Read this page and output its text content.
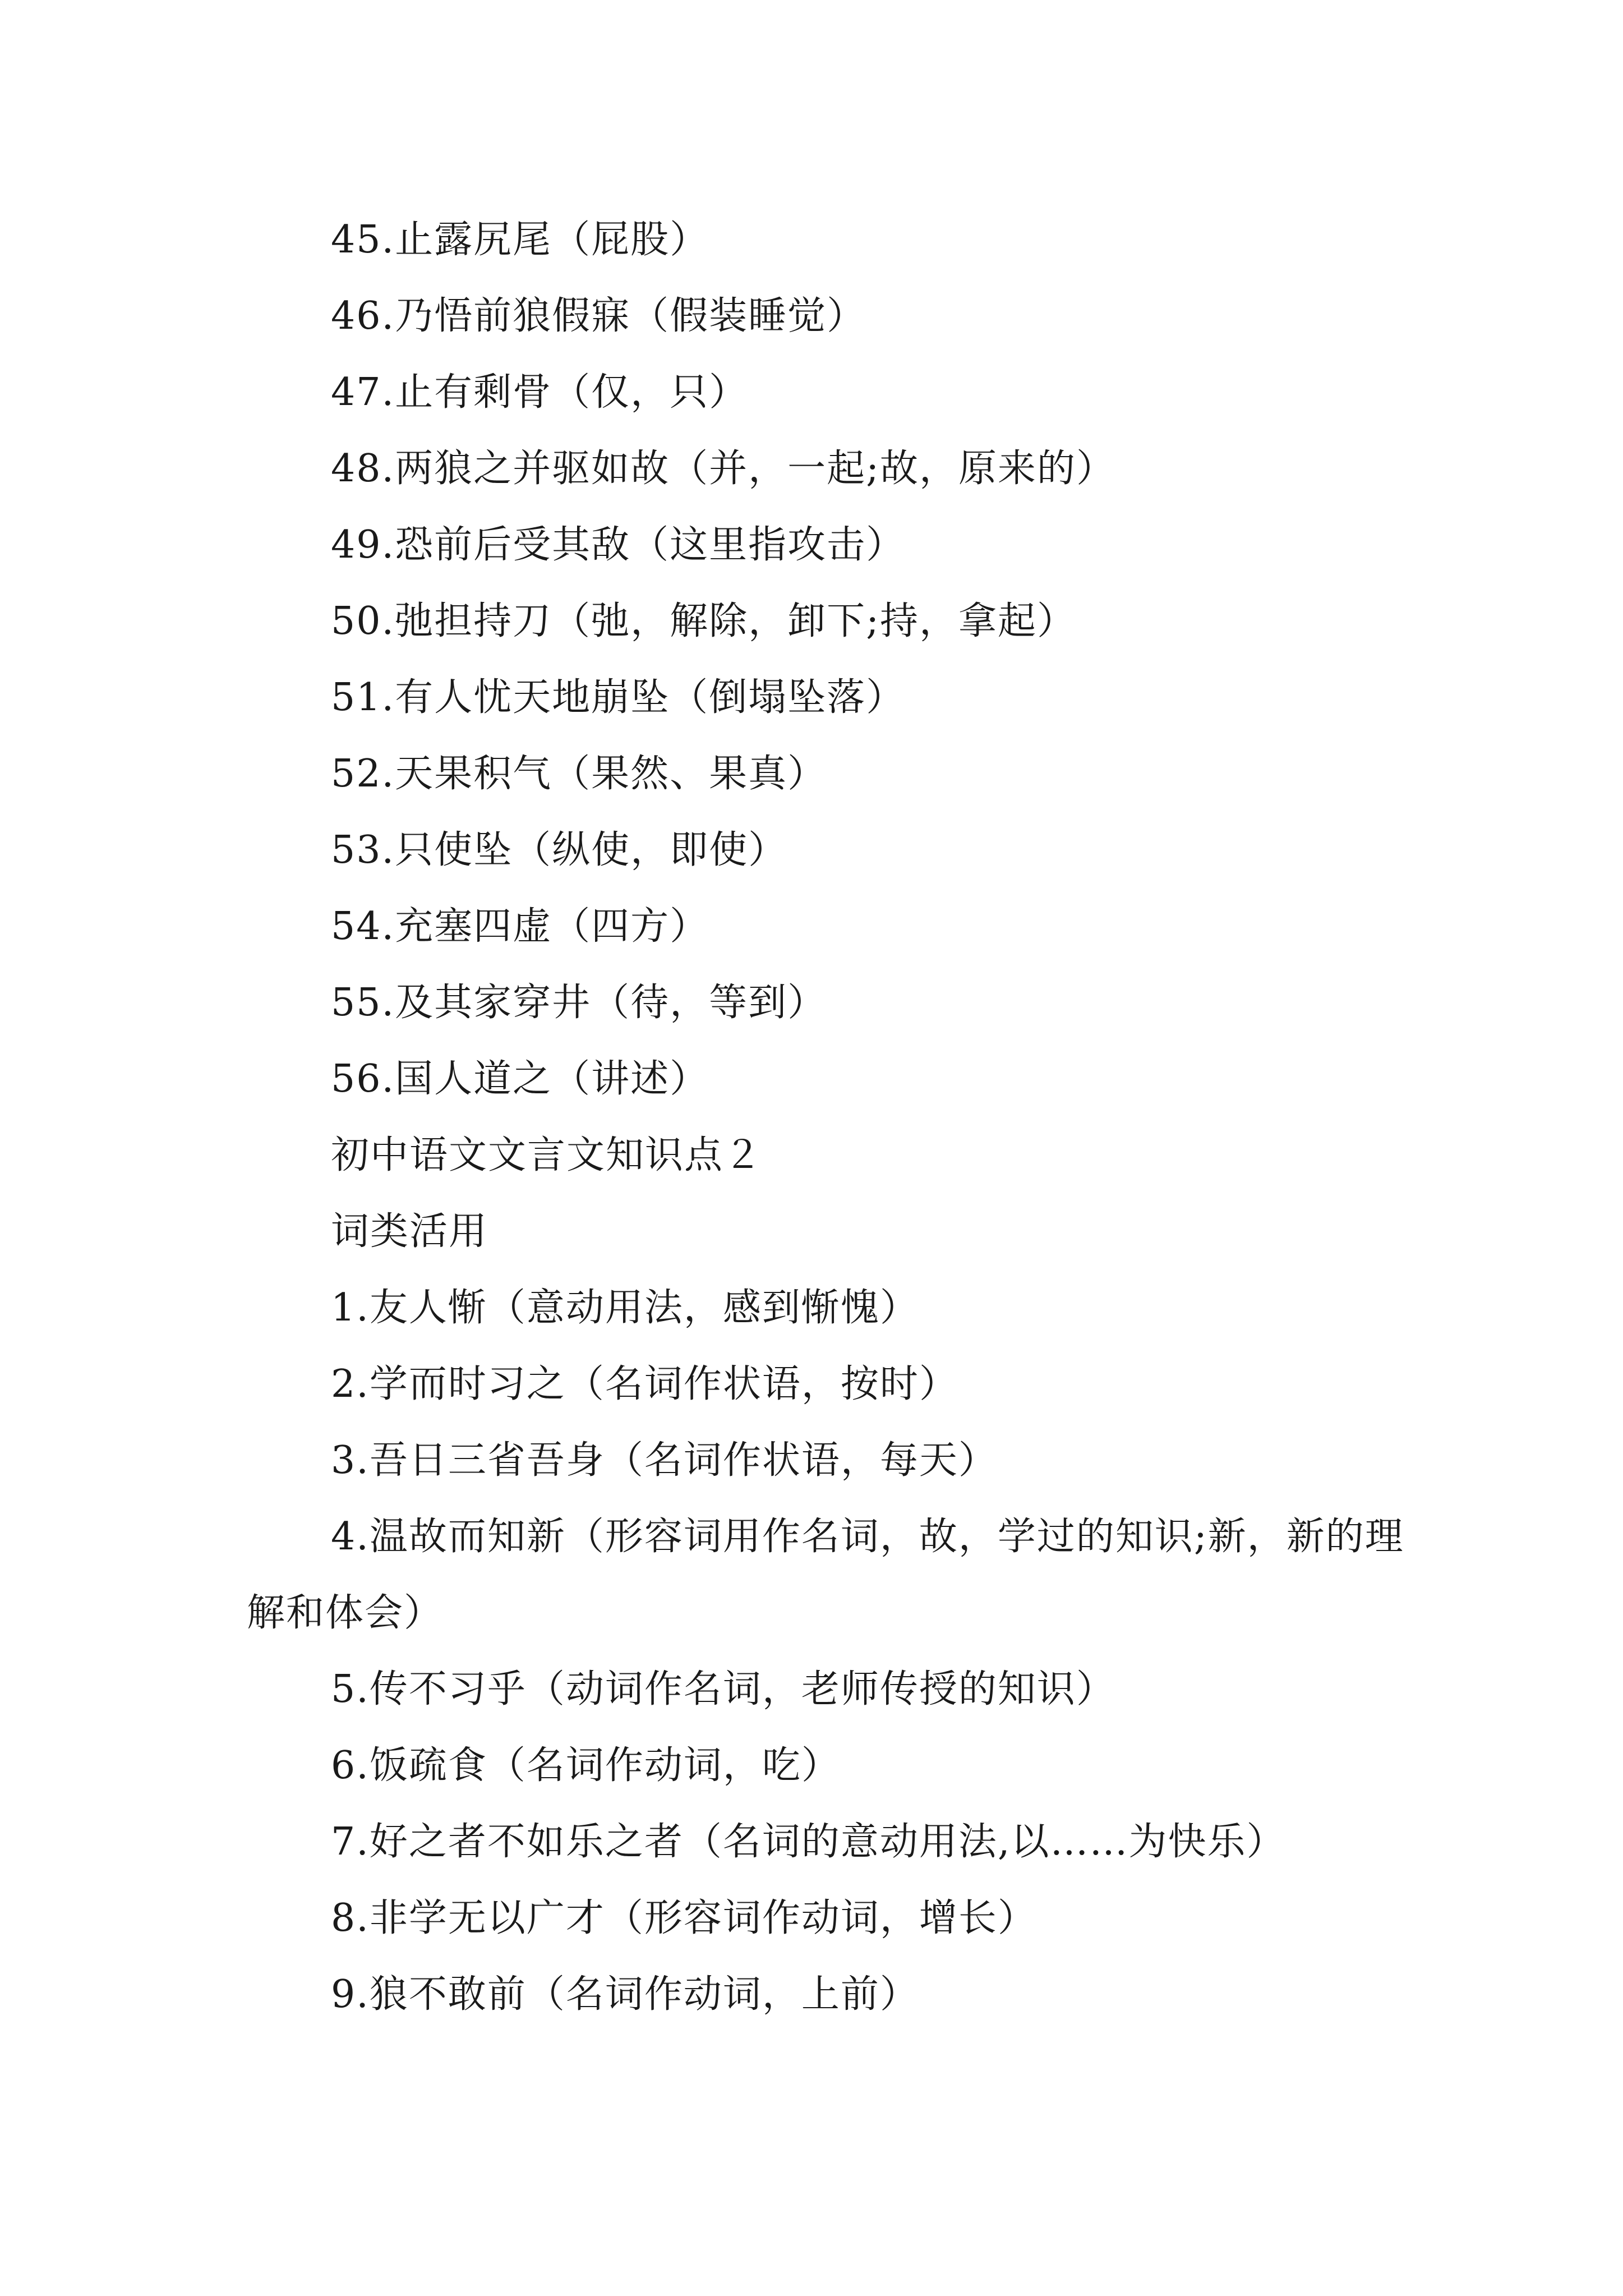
45.止露尻尾（屁股）
46.乃悟前狼假寐（假装睡觉）
47.止有剩骨（仅，只）
48.两狼之并驱如故（并，一起;故，原来的）
49.恐前后受其敌（这里指攻击）
50.弛担持刀（弛，解除，卸下;持，拿起）
51.有人忧天地崩坠（倒塌坠落）
52.天果积气（果然、果真）
53.只使坠（纵使，即使）
54.充塞四虚（四方）
55.及其家穿井（待，等到）
56.国人道之（讲述）
初中语文文言文知识点２
词类活用
1.友人惭（意动用法，感到惭愧）
2.学而时习之（名词作状语，按时）
3.吾日三省吾身（名词作状语，每天）
4.温故而知新（形容词用作名词，故，学过的知识;新，新的理解和体会）
5.传不习乎（动词作名词，老师传授的知识）
6.饭疏食（名词作动词，吃）
7.好之者不如乐之者（名词的意动用法,以……为快乐）
8.非学无以广才（形容词作动词，增长）
9.狼不敢前（名词作动词，上前）
